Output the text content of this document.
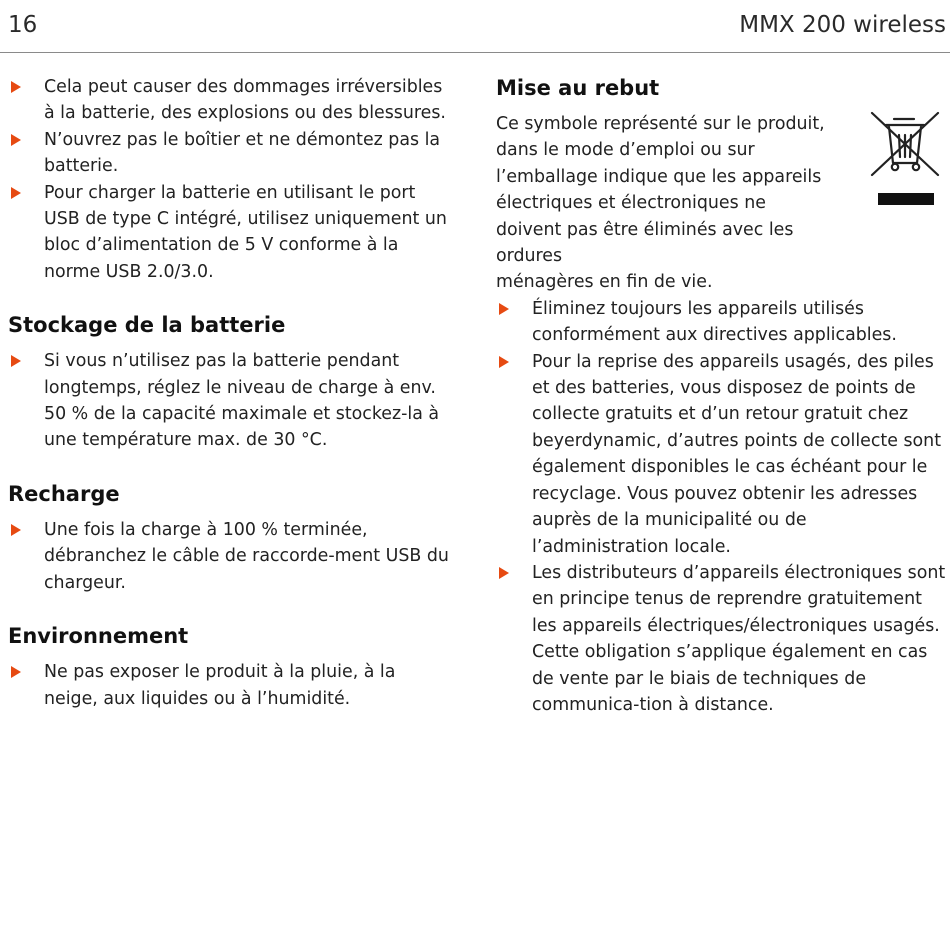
16	MMX 200 wireless
Cela peut causer des dommages irréversibles à la batterie, des explosions ou des blessures.
N’ouvrez pas le boîtier et ne démontez pas la batterie.
Pour charger la batterie en utilisant le port USB de type C intégré, utilisez uniquement un bloc d’alimentation de 5 V conforme à la norme USB 2.0/3.0.
Stockage de la batterie
Si vous n’utilisez pas la batterie pendant longtemps, réglez le niveau de charge à env. 50 % de la capacité maximale et stockez-la à une température max. de 30 °C.
Recharge
Une fois la charge à 100 % terminée, débranchez le câble de raccorde-ment USB du chargeur.
Environnement
Ne pas exposer le produit à la pluie, à la neige, aux liquides ou à l’humidité.
Mise au rebut

Ce symbole représenté sur le produit, dans le mode d’emploi ou sur l’emballage indique que les appareils électriques et électroniques ne doivent pas être éliminés avec les ordures

ménagères en fin de vie.

Éliminez toujours les appareils utilisés conformément aux directives applicables.
Pour la reprise des appareils usagés, des piles et des batteries, vous disposez de points de collecte gratuits et d’un retour gratuit chez beyerdynamic, d’autres points de collecte sont également disponibles le cas échéant pour le recyclage. Vous pouvez obtenir les adresses auprès de la municipalité ou de l’administration locale.
Les distributeurs d’appareils électroniques sont en principe tenus de reprendre gratuitement les appareils électriques/électroniques usagés. Cette obligation s’applique également en cas de vente par le biais de techniques de communica-tion à distance.
